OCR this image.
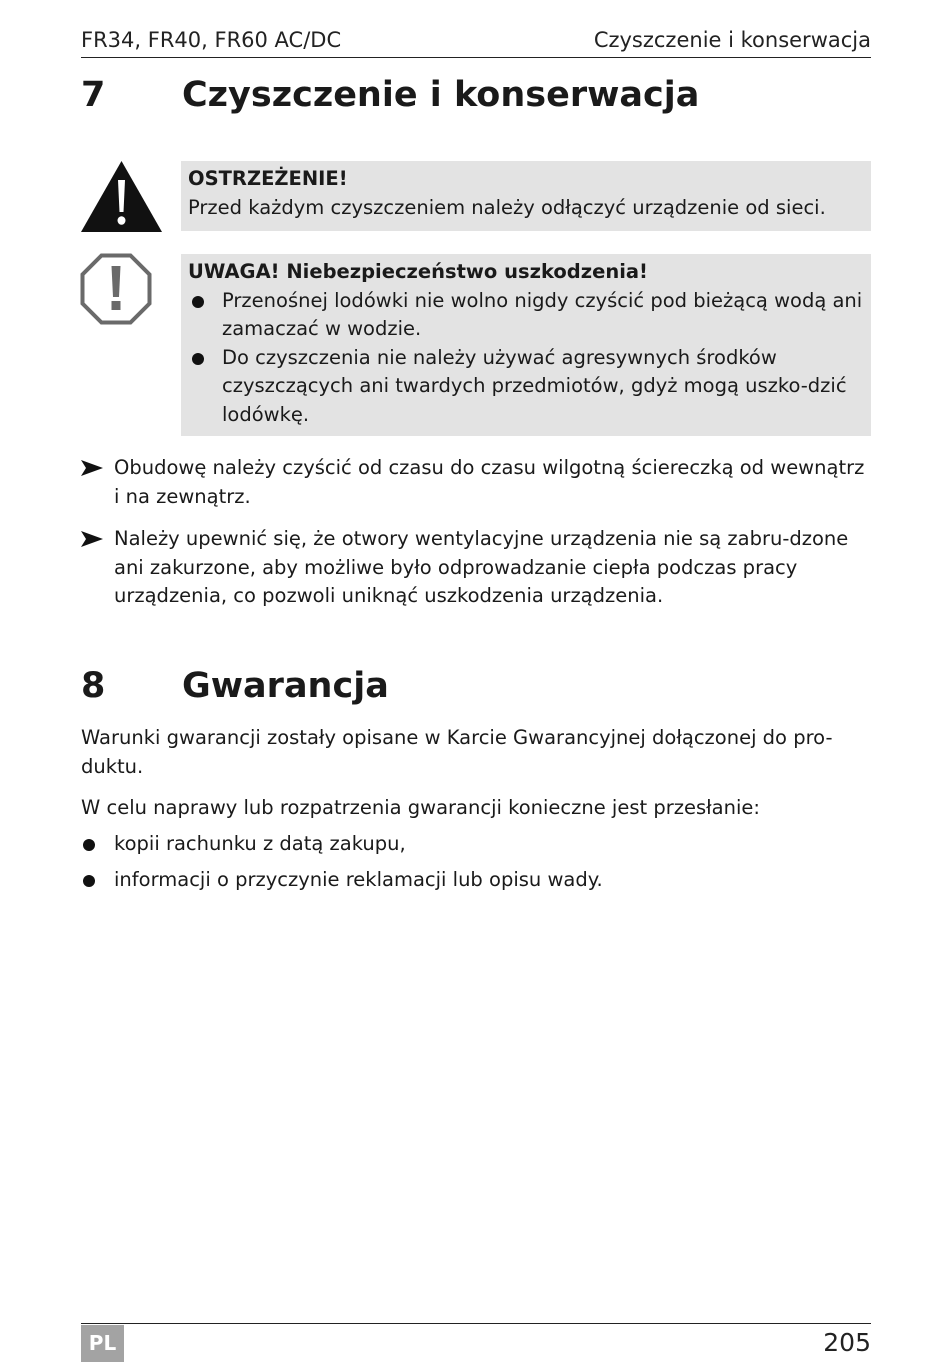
FR34, FR40, FR60 AC/DC	Czyszczenie i konserwacja
7 Czyszczenie i konserwacja
OSTRZEŻENIE!
Przed każdym czyszczeniem należy odłączyć urządzenie od sieci.
UWAGA! Niebezpieczeństwo uszkodzenia!
Przenośnej lodówki nie wolno nigdy czyścić pod bieżącą wodą ani zamaczać w wodzie.
Do czyszczenia nie należy używać agresywnych środków czyszczących ani twardych przedmiotów, gdyż mogą uszko-dzić lodówkę.
Obudowę należy czyścić od czasu do czasu wilgotną ściereczką od wewnątrz i na zewnątrz.
Należy upewnić się, że otwory wentylacyjne urządzenia nie są zabru-dzone ani zakurzone, aby możliwe było odprowadzanie ciepła podczas pracy urządzenia, co pozwoli uniknąć uszkodzenia urządzenia.
8 Gwarancja
Warunki gwarancji zostały opisane w Karcie Gwarancyjnej dołączonej do pro-duktu.
W celu naprawy lub rozpatrzenia gwarancji konieczne jest przesłanie:
kopii rachunku z datą zakupu,
informacji o przyczynie reklamacji lub opisu wady.
PL	205
